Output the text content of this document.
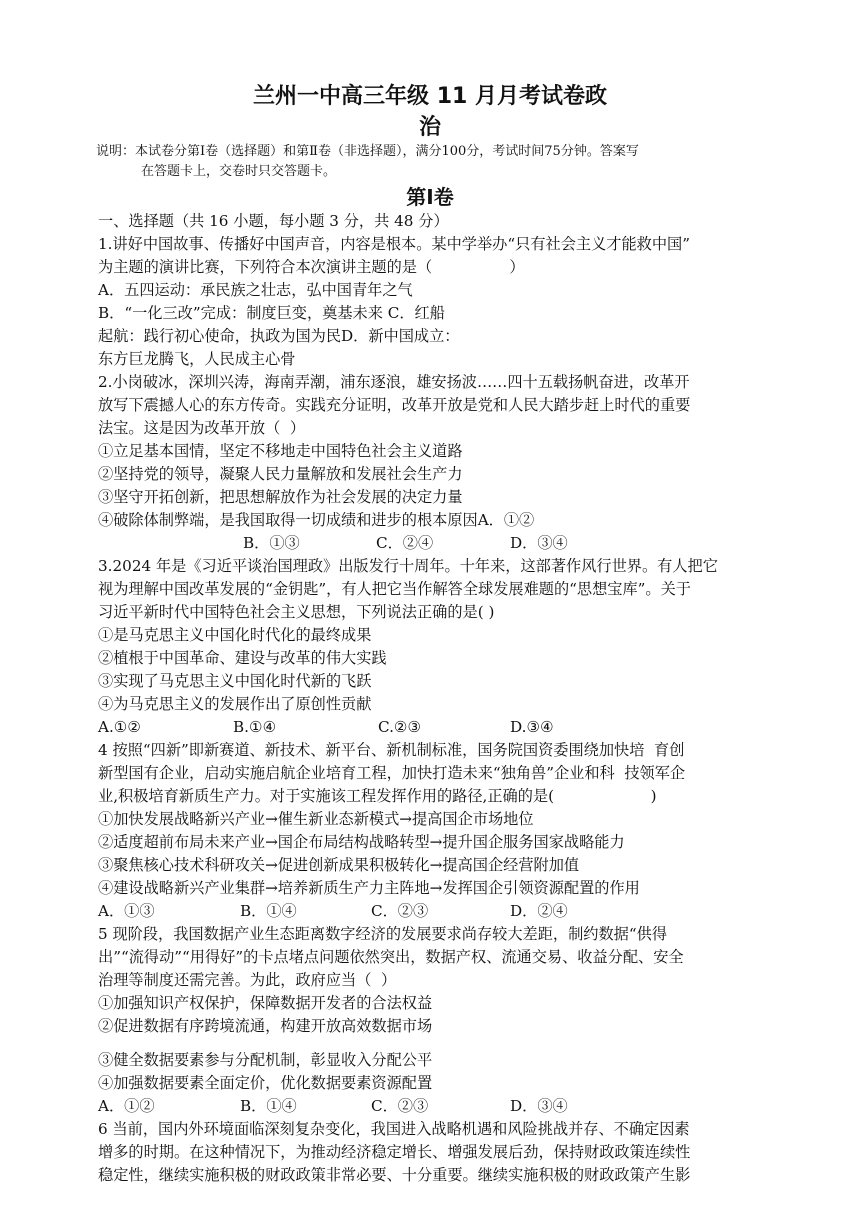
兰州一中高三年级 11 月月考试卷政
治
说明：本试卷分第Ⅰ卷（选择题）和第Ⅱ卷（非选择题），满分100分，考试时间75分钟。答案写
在答题卡上，交卷时只交答题卡。
第Ⅰ卷
一、选择题（共 16 小题，每小题 3 分，共 48 分）
1.讲好中国故事、传播好中国声音，内容是根本。某中学举办“只有社会主义才能救中国”
为主题的演讲比赛，下列符合本次演讲主题的是（                ）
A．五四运动：承民族之壮志，弘中国青年之气
B．“一化三改”完成：制度巨变，奠基未来 C．红船
起航：践行初心使命，执政为国为民D．新中国成立：
东方巨龙腾飞，人民成主心骨
2.小岗破冰，深圳兴涛，海南弄潮，浦东逐浪，雄安扬波……四十五载扬帆奋进，改革开
放写下震撼人心的东方传奇。实践充分证明，改革开放是党和人民大踏步赶上时代的重要
法宝。这是因为改革开放（  ）
①立足基本国情，坚定不移地走中国特色社会主义道路
②坚持党的领导，凝聚人民力量解放和发展社会生产力
③坚守开拓创新，把思想解放作为社会发展的决定力量
④破除体制弊端，是我国取得一切成绩和进步的根本原因A．①②
B．①③	C．②④	D．③④
3.2024 年是《习近平谈治国理政》出版发行十周年。十年来，这部著作风行世界。有人把它
视为理解中国改革发展的“金钥匙”，有人把它当作解答全球发展难题的“思想宝库”。关于
习近平新时代中国特色社会主义思想，下列说法正确的是( )
①是马克思主义中国化时代化的最终成果
②植根于中国革命、建设与改革的伟大实践
③实现了马克思主义中国化时代新的飞跃
④为马克思主义的发展作出了原创性贡献
A.①②	B.①④	C.②③	D.③④
4 按照“四新”即新赛道、新技术、新平台、新机制标准，国务院国资委围绕加快培  育创
新型国有企业，启动实施启航企业培育工程，加快打造未来“独角兽”企业和科  技领军企
业,积极培育新质生产力。对于实施该工程发挥作用的路径,正确的是(                    )
①加快发展战略新兴产业→催生新业态新模式→提高国企市场地位
②适度超前布局未来产业→国企布局结构战略转型→提升国企服务国家战略能力
③聚焦核心技术科研攻关→促进创新成果积极转化→提高国企经营附加值
④建设战略新兴产业集群→培养新质生产力主阵地→发挥国企引领资源配置的作用
A．①③	B．①④	C．②③	D．②④
5 现阶段，我国数据产业生态距离数字经济的发展要求尚存较大差距，制约数据“供得
出”“流得动”“用得好”的卡点堵点问题依然突出，数据产权、流通交易、收益分配、安全
治理等制度还需完善。为此，政府应当（  ）
①加强知识产权保护，保障数据开发者的合法权益
②促进数据有序跨境流通，构建开放高效数据市场
③健全数据要素参与分配机制，彰显收入分配公平
④加强数据要素全面定价，优化数据要素资源配置
A．①②	B．①④	C．②③	D．③④
6 当前，国内外环境面临深刻复杂变化，我国进入战略机遇和风险挑战并存、不确定因素
增多的时期。在这种情况下，为推动经济稳定增长、增强发展后劲，保持财政政策连续性
稳定性，继续实施积极的财政政策非常必要、十分重要。继续实施积极的财政政策产生影
